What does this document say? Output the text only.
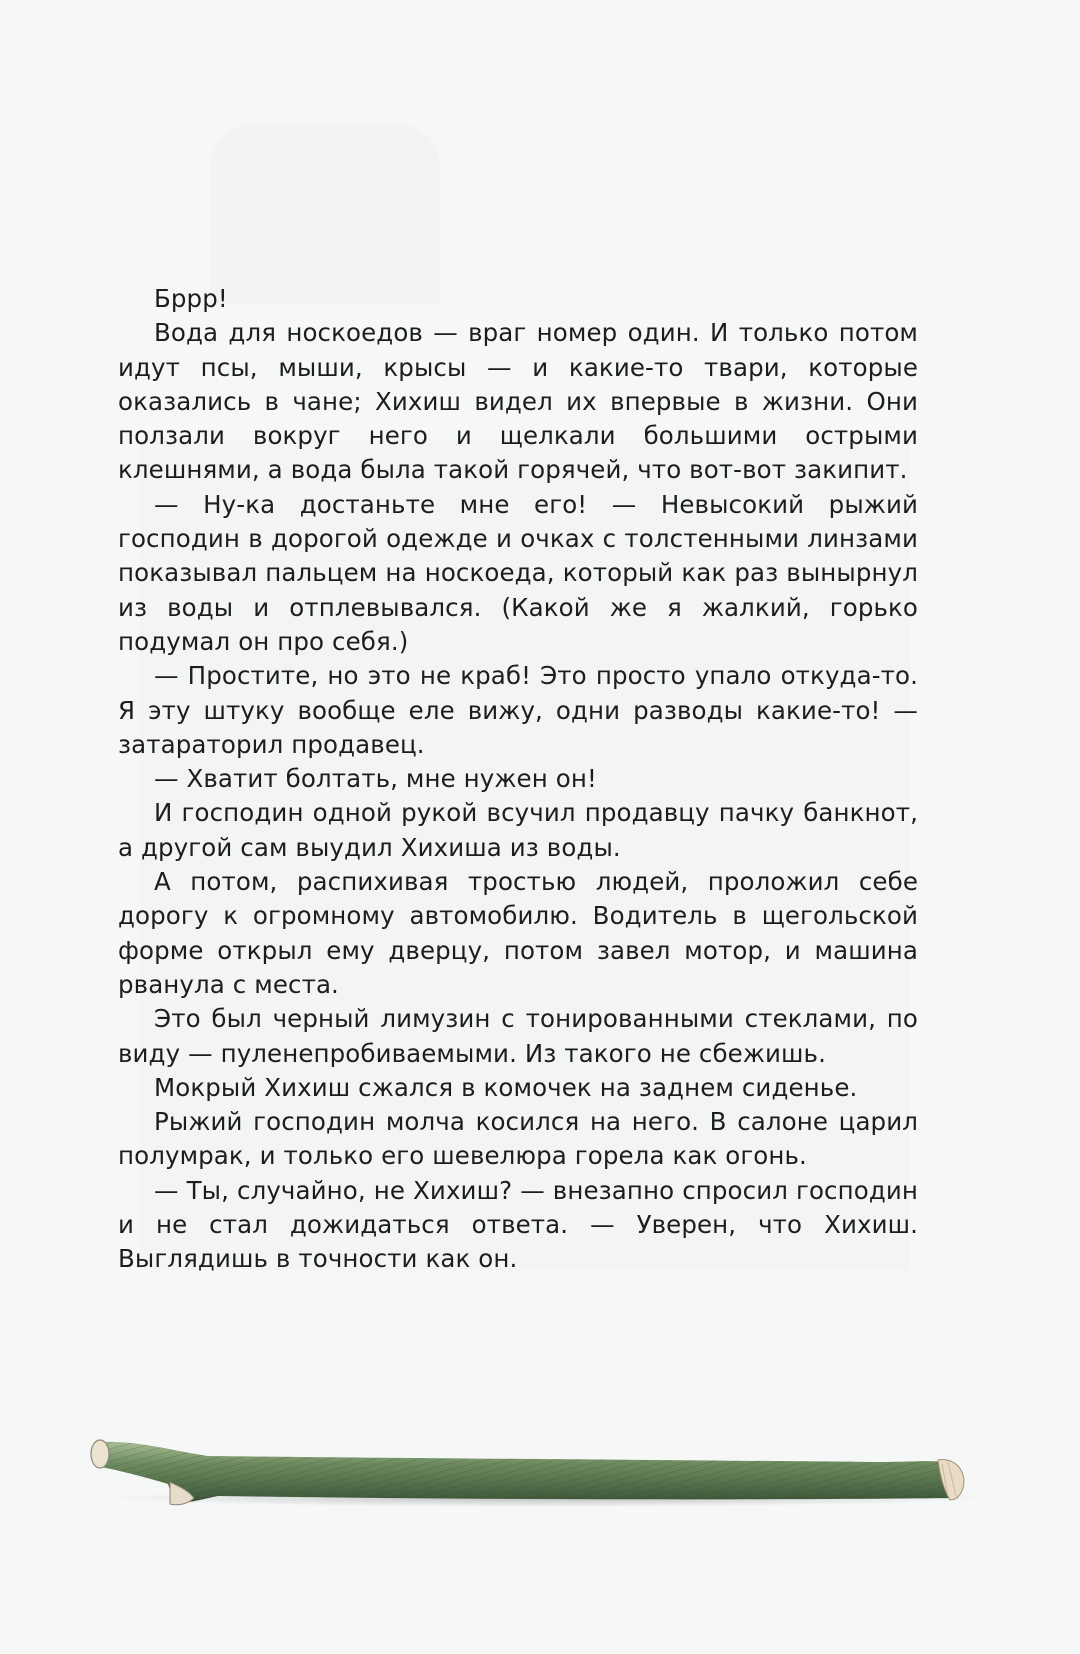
Бppp!

Вода для носкоедов — враг номер один. И только потом идут псы, мыши, крысы — и какие-то твари, которые оказались в чане; Хихиш видел их впервые в жизни. Они ползали вокруг него и щелкали большими острыми клешнями, а вода была такой горячей, что вот-вот закипит.

— Ну-ка достаньте мне его! — Невысокий рыжий господин в дорогой одежде и очках с толстенными линзами показывал пальцем на носкоеда, который как раз вынырнул из воды и отплевывался. (Какой же я жалкий, горько подумал он про себя.)

— Простите, но это не краб! Это просто упало откуда-то. Я эту штуку вообще еле вижу, одни разводы какие-то! — затараторил продавец.

— Хватит болтать, мне нужен он!

И господин одной рукой всучил продавцу пачку банкнот, а другой сам выудил Хихиша из воды.

А потом, распихивая тростью людей, проложил себе дорогу к огромному автомобилю. Водитель в щегольской форме открыл ему дверцу, потом завел мотор, и машина рванула с места.

Это был черный лимузин с тонированными стеклами, по виду — пуленепробиваемыми. Из такого не сбежишь.

Мокрый Хихиш сжался в комочек на заднем сиденье.

Рыжий господин молча косился на него. В салоне царил полумрак, и только его шевелюра горела как огонь.

— Ты, случайно, не Хихиш? — внезапно спросил господин и не стал дожидаться ответа. — Уверен, что Хихиш. Выглядишь в точности как он.
